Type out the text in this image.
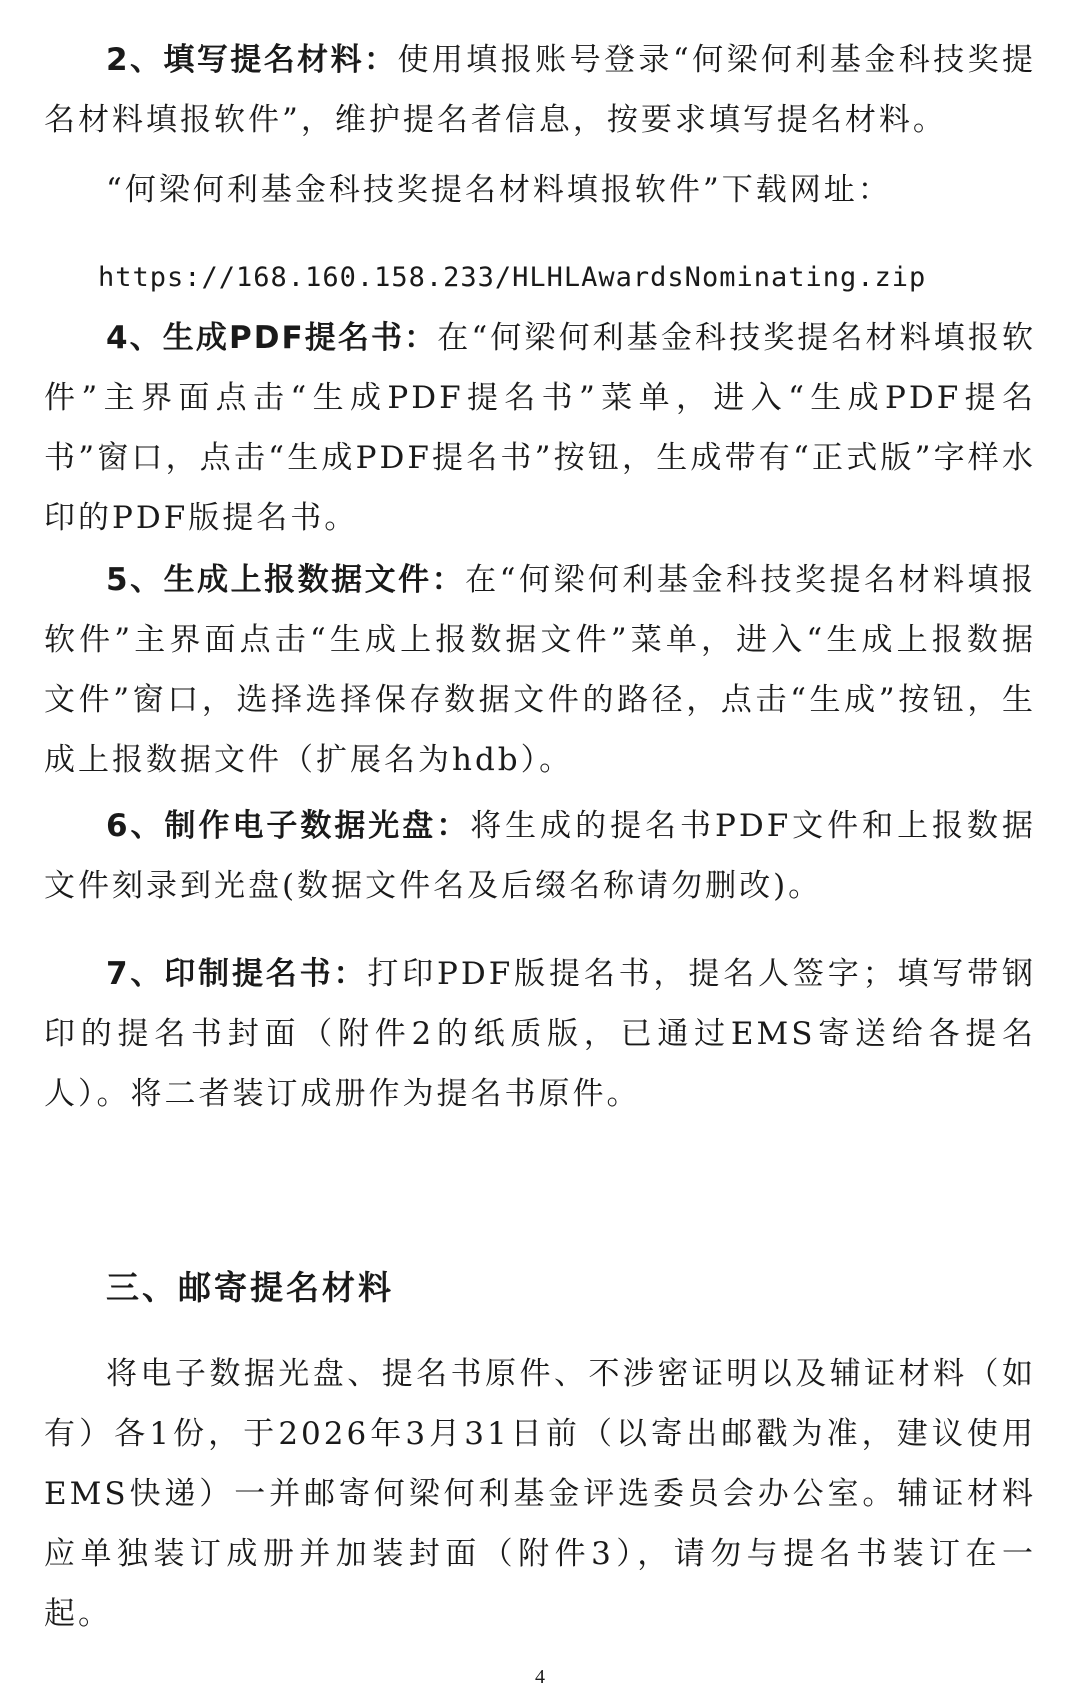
2、填写提名材料：使用填报账号登录“何梁何利基金科技奖提名材料填报软件”，维护提名者信息，按要求填写提名材料。

“何梁何利基金科技奖提名材料填报软件”下载网址：

https://168.160.158.233/HLHLAwardsNominating.zip

4、生成PDF提名书：在“何梁何利基金科技奖提名材料填报软件”主界面点击“生成PDF提名书”菜单，进入“生成PDF提名书”窗口，点击“生成PDF提名书”按钮，生成带有“正式版”字样水印的PDF版提名书。

5、生成上报数据文件：在“何梁何利基金科技奖提名材料填报软件”主界面点击“生成上报数据文件”菜单，进入“生成上报数据文件”窗口，选择选择保存数据文件的路径，点击“生成”按钮，生成上报数据文件（扩展名为hdb）。

6、制作电子数据光盘：将生成的提名书PDF文件和上报数据文件刻录到光盘(数据文件名及后缀名称请勿删改)。

7、印制提名书：打印PDF版提名书，提名人签字；填写带钢印的提名书封面（附件2的纸质版，已通过EMS寄送给各提名人）。将二者装订成册作为提名书原件。

三、邮寄提名材料

将电子数据光盘、提名书原件、不涉密证明以及辅证材料（如有）各1份，于2026年3月31日前（以寄出邮戳为准，建议使用EMS快递）一并邮寄何梁何利基金评选委员会办公室。辅证材料应单独装订成册并加装封面（附件3），请勿与提名书装订在一起。

4
